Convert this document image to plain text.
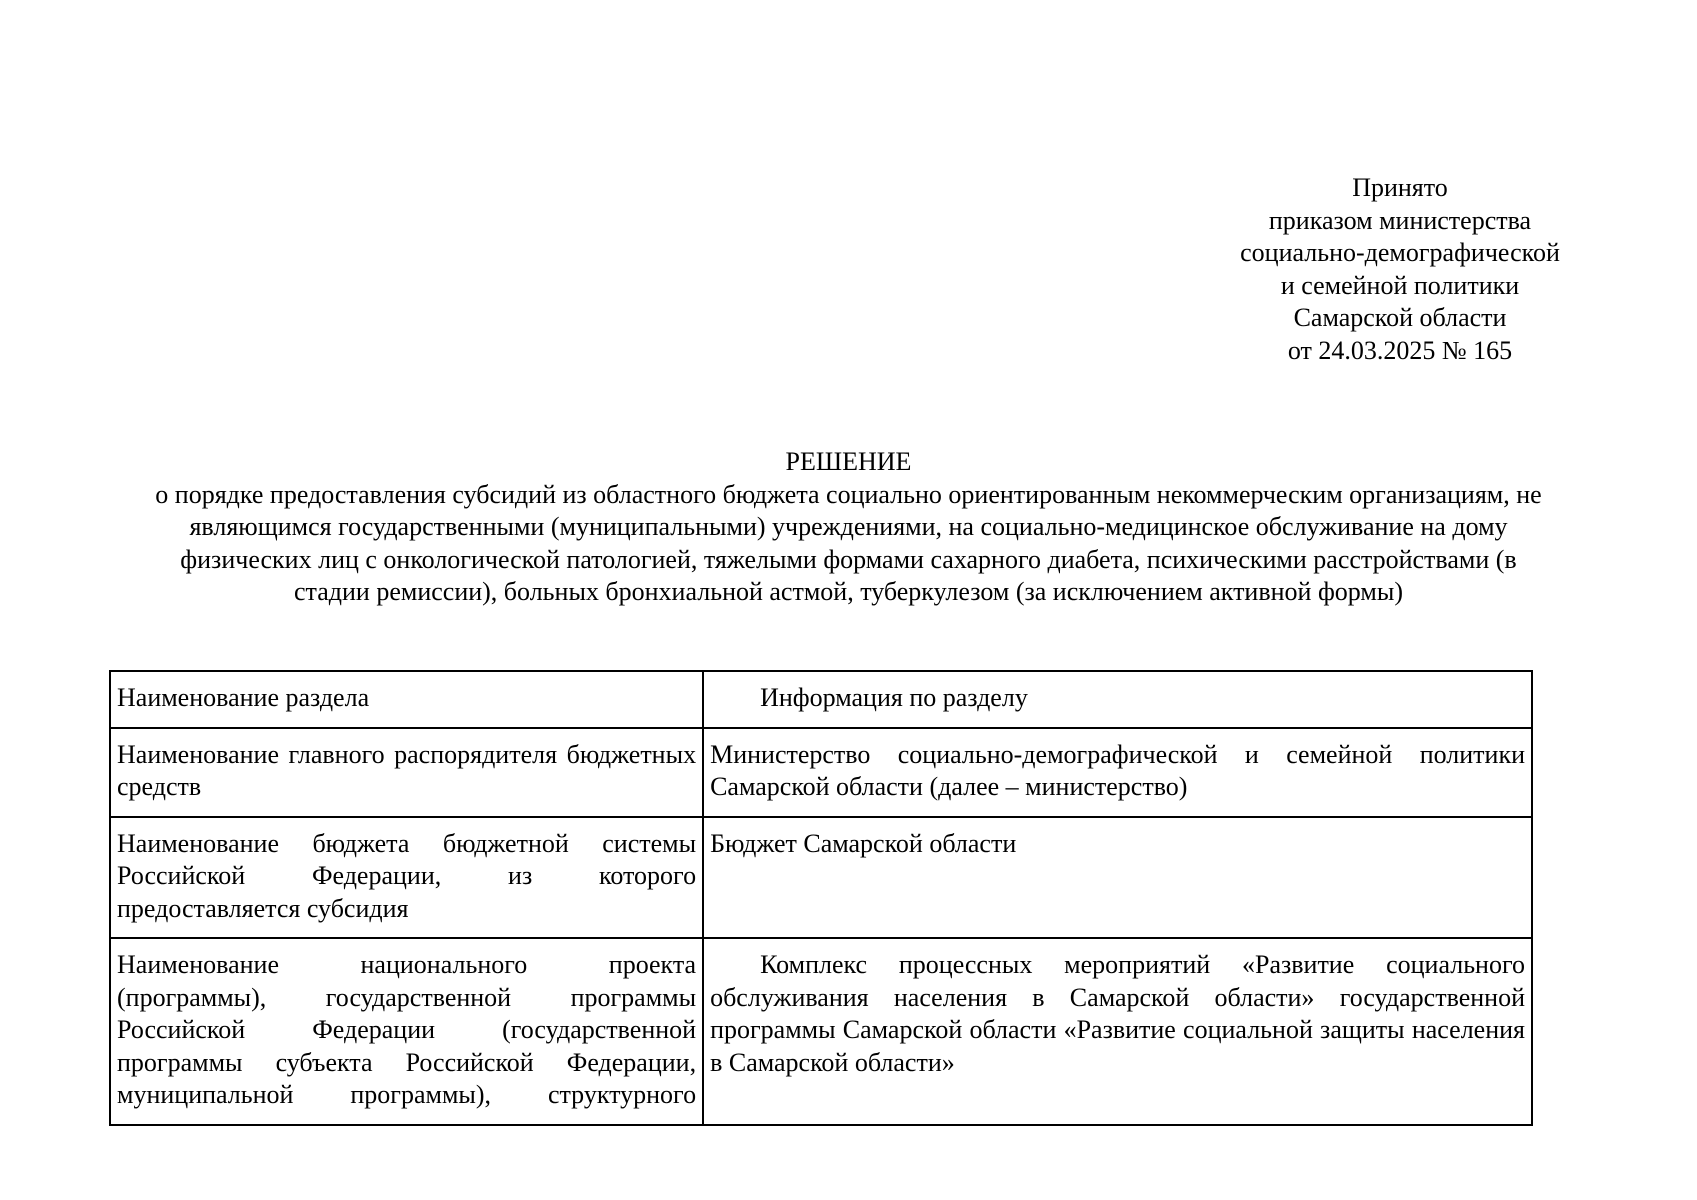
Принято
приказом министерства
социально-демографической
и семейной политики
Самарской области
от 24.03.2025 № 165
РЕШЕНИЕ
о порядке предоставления субсидий из областного бюджета социально ориентированным некоммерческим организациям, не являющимся государственными (муниципальными) учреждениями, на социально-медицинское обслуживание на дому физических лиц с онкологической патологией, тяжелыми формами сахарного диабета, психическими расстройствами (в стадии ремиссии), больных бронхиальной астмой, туберкулезом (за исключением активной формы)
Наименование раздела	Информация по разделу
Наименование главного распорядителя бюджетных средств	Министерство социально-демографической и семейной политики Самарской области (далее – министерство)
Наименование бюджета бюджетной системы Российской Федерации, из которого предоставляется субсидия	Бюджет Самарской области

Наименование национального проекта (программы), государственной программы Российской Федерации (государственной программы субъекта Российской Федерации, муниципальной программы), структурного	Комплекс процессных мероприятий «Развитие социального обслуживания населения в Самарской области» государственной программы Самарской области «Развитие социальной защиты населения в Самарской области»
